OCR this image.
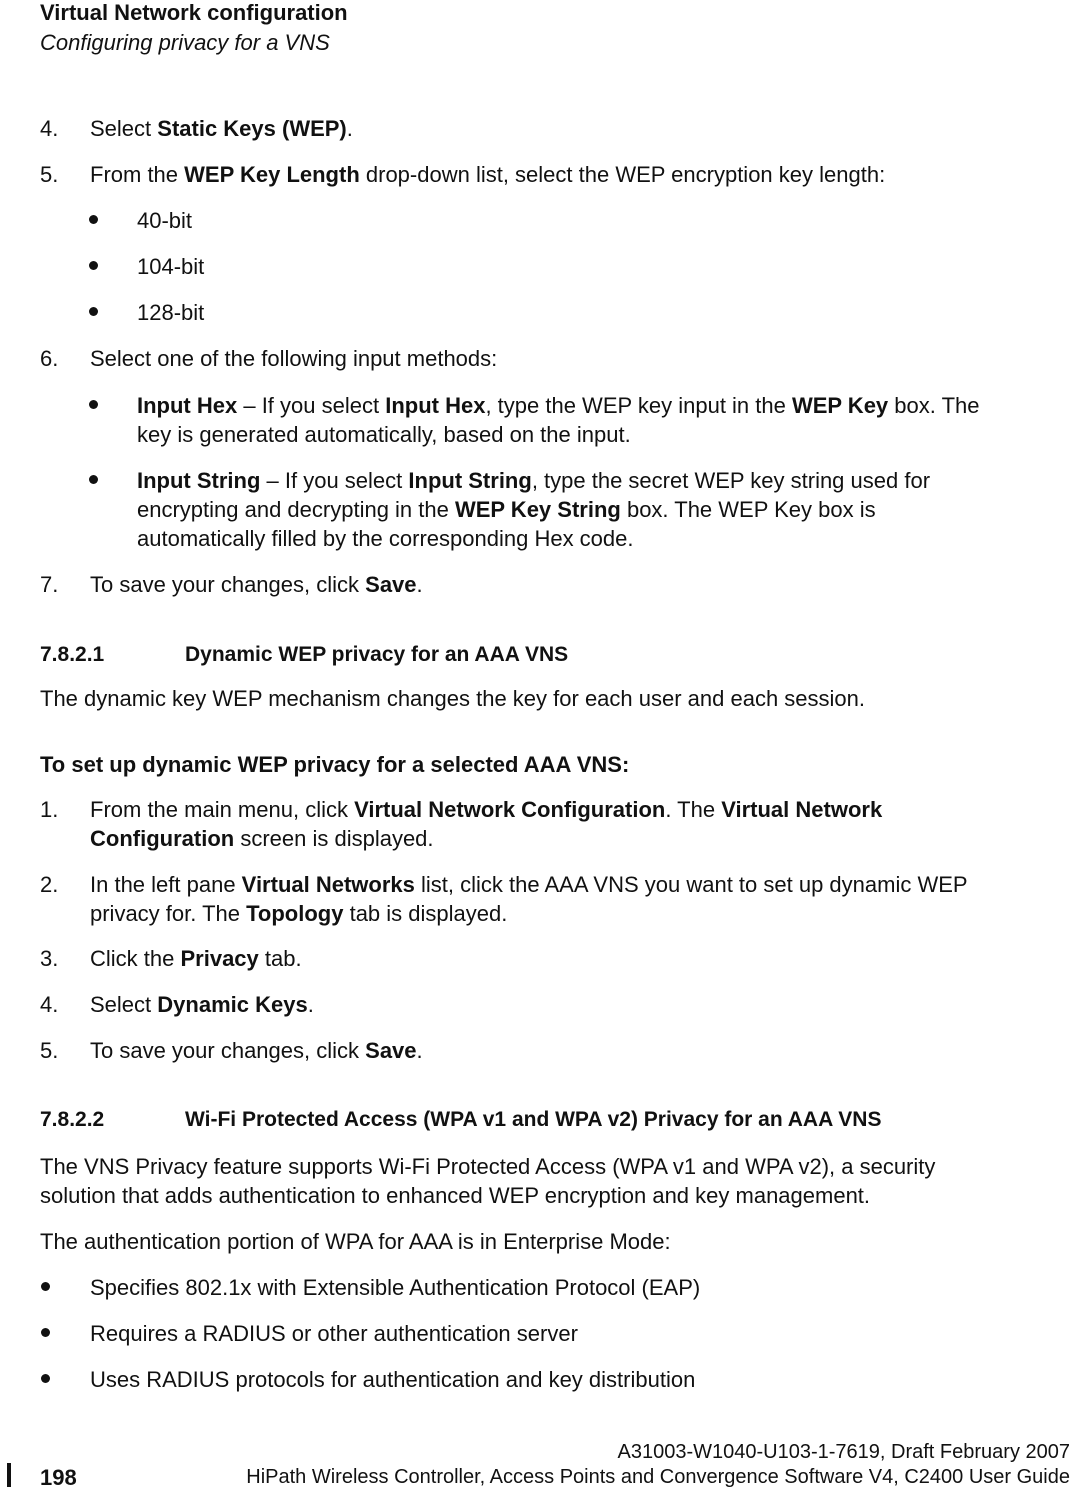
Virtual Network configuration
Configuring privacy for a VNS
4. Select Static Keys (WEP).
5. From the WEP Key Length drop-down list, select the WEP encryption key length:
40-bit
104-bit
128-bit
6. Select one of the following input methods:
Input Hex – If you select Input Hex, type the WEP key input in the WEP Key box. The
key is generated automatically, based on the input.
Input String – If you select Input String, type the secret WEP key string used for
encrypting and decrypting in the WEP Key String box. The WEP Key box is
automatically filled by the corresponding Hex code.
7. To save your changes, click Save.
7.8.2.1	Dynamic WEP privacy for an AAA VNS
The dynamic key WEP mechanism changes the key for each user and each session.
To set up dynamic WEP privacy for a selected AAA VNS:
1. From the main menu, click Virtual Network Configuration. The Virtual Network
Configuration screen is displayed.
2. In the left pane Virtual Networks list, click the AAA VNS you want to set up dynamic WEP
privacy for. The Topology tab is displayed.
3. Click the Privacy tab.
4. Select Dynamic Keys.
5. To save your changes, click Save.
7.8.2.2	Wi-Fi Protected Access (WPA v1 and WPA v2) Privacy for an AAA VNS
The VNS Privacy feature supports Wi-Fi Protected Access (WPA v1 and WPA v2), a security
solution that adds authentication to enhanced WEP encryption and key management.
The authentication portion of WPA for AAA is in Enterprise Mode:
Specifies 802.1x with Extensible Authentication Protocol (EAP)
Requires a RADIUS or other authentication server
Uses RADIUS protocols for authentication and key distribution
198
A31003-W1040-U103-1-7619, Draft February 2007
HiPath Wireless Controller, Access Points and Convergence Software V4, C2400 User Guide
